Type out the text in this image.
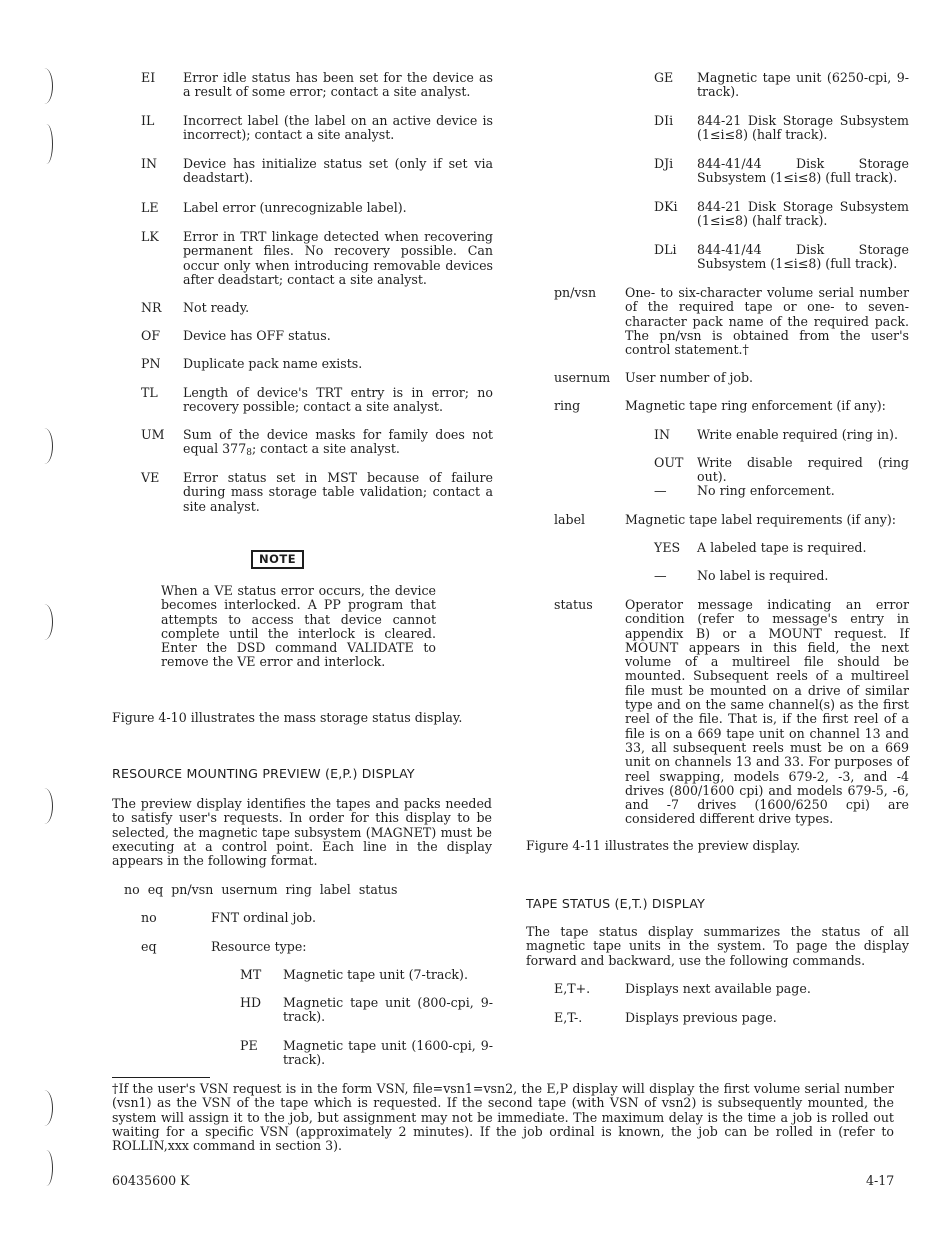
EI Error idle status has been set for the device as a result of some error; contact a site analyst.
IL Incorrect label (the label on an active device is incorrect); contact a site analyst.
IN Device has initialize status set (only if set via deadstart).
LE Label error (unrecognizable label).
LK Error in TRT linkage detected when recovering permanent files. No recovery possible. Can occur only when introducing removable devices after deadstart; contact a site analyst.
NR Not ready.
OF Device has OFF status.
PN Duplicate pack name exists.
TL Length of device's TRT entry is in error; no recovery possible; contact a site analyst.
UM Sum of the device masks for family does not equal $377_8$; contact a site analyst.
VE Error status set in MST because of failure during mass storage table validation; contact a site analyst.
NOTE
When a VE status error occurs, the device becomes interlocked. A PP program that attempts to access that device cannot complete until the interlock is cleared. Enter the DSD command VALIDATE to remove the VE error and interlock.
Figure 4-10 illustrates the mass storage status display.
RESOURCE MOUNTING PREVIEW (E,P.) DISPLAY
The preview display identifies the tapes and packs needed to satisfy user's requests. In order for this display to be selected, the magnetic tape subsystem (MAGNET) must be executing at a control point. Each line in the display appears in the following format.
no eq pn/vsn usernum ring label status
no	FNT ordinal job.
eq	Resource type:
MT Magnetic tape unit (7-track).
HD Magnetic tape unit (800-cpi, 9-track).
PE Magnetic tape unit (1600-cpi, 9-track).
GE Magnetic tape unit (6250-cpi, 9-track).
DIi 844-21 Disk Storage Subsystem (1≤i≤8) (half track).
DJi 844-41/44 Disk Storage Subsystem (1≤i≤8) (full track).
DKi 844-21 Disk Storage Subsystem (1≤i≤8) (half track).
DLi 844-41/44 Disk Storage Subsystem (1≤i≤8) (full track).
pn/vsn One- to six-character volume serial number of the required tape or one- to seven-character pack name of the required pack. The pn/vsn is obtained from the user's control statement.†
usernum User number of job.
ring	Magnetic tape ring enforcement (if any):
IN Write enable required (ring in).
OUT Write disable required (ring out).
— No ring enforcement.
label	Magnetic tape label requirements (if any):
YES A labeled tape is required.
— No label is required.
status	Operator message indicating an error condition (refer to message's entry in appendix B) or a MOUNT request. If MOUNT appears in this field, the next volume of a multireel file should be mounted. Subsequent reels of a multireel file must be mounted on a drive of similar type and on the same channel(s) as the first reel of the file. That is, if the first reel of a file is on a 669 tape unit on channel 13 and 33, all subsequent reels must be on a 669 unit on channels 13 and 33. For purposes of reel swapping, models 679-2, -3, and -4 drives (800/1600 cpi) and models 679-5, -6, and -7 drives (1600/6250 cpi) are considered different drive types.
Figure 4-11 illustrates the preview display.
TAPE STATUS (E,T.) DISPLAY
The tape status display summarizes the status of all magnetic tape units in the system. To page the display forward and backward, use the following commands.
E,T+.	Displays next available page.
E,T-.	Displays previous page.
†If the user's VSN request is in the form VSN, file=vsn1=vsn2, the E,P display will display the first volume serial number (vsn1) as the VSN of the tape which is requested. If the second tape (with VSN of vsn2) is subsequently mounted, the system will assign it to the job, but assignment may not be immediate. The maximum delay is the time a job is rolled out waiting for a specific VSN (approximately 2 minutes). If the job ordinal is known, the job can be rolled in (refer to ROLLIN,xxx command in section 3).
60435600 K	4-17
